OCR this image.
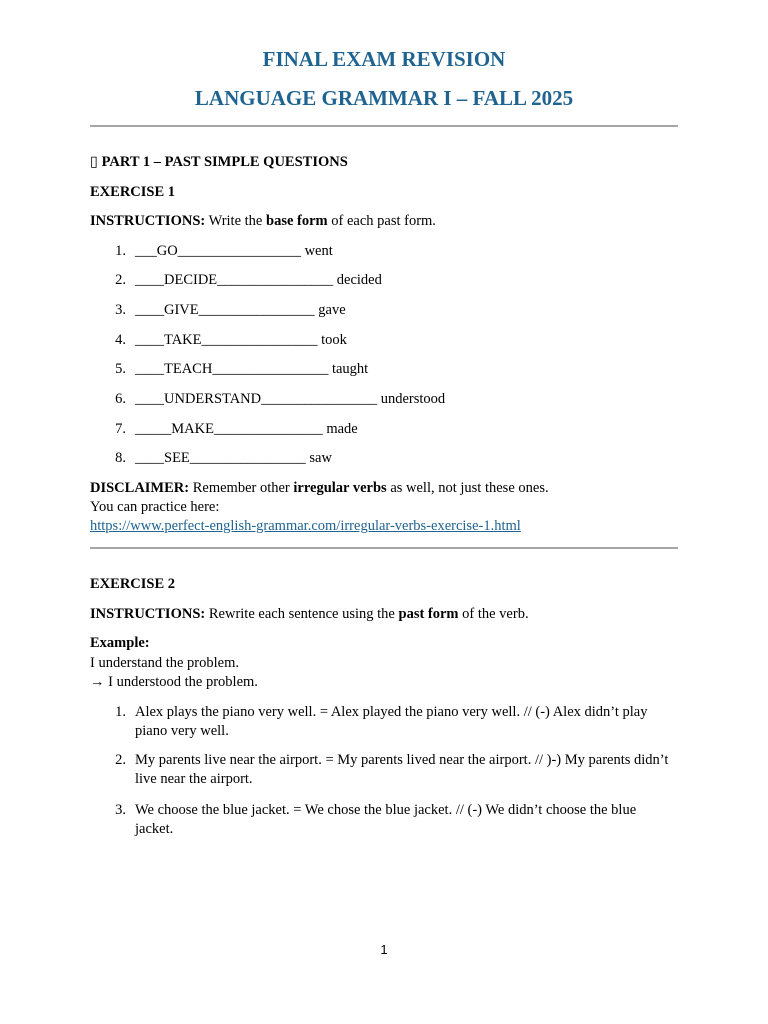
FINAL EXAM REVISION
LANGUAGE GRAMMAR I – FALL 2025
▯ PART 1 – PAST SIMPLE QUESTIONS
EXERCISE 1
INSTRUCTIONS: Write the base form of each past form.
1. ___GO_________________ went
2. ____DECIDE________________ decided
3. ____GIVE________________ gave
4. ____TAKE________________ took
5. ____TEACH________________ taught
6. ____UNDERSTAND________________ understood
7. _____MAKE_______________ made
8. ____SEE________________ saw
DISCLAIMER: Remember other irregular verbs as well, not just these ones.
You can practice here:
https://www.perfect-english-grammar.com/irregular-verbs-exercise-1.html
EXERCISE 2
INSTRUCTIONS: Rewrite each sentence using the past form of the verb.
Example:
I understand the problem.
→ I understood the problem.
1. Alex plays the piano very well. = Alex played the piano very well. // (-) Alex didn’t play piano very well.
2. My parents live near the airport. = My parents lived near the airport. // )-) My parents didn’t live near the airport.
3. We choose the blue jacket. = We chose the blue jacket. // (-) We didn’t choose the blue jacket.
1
